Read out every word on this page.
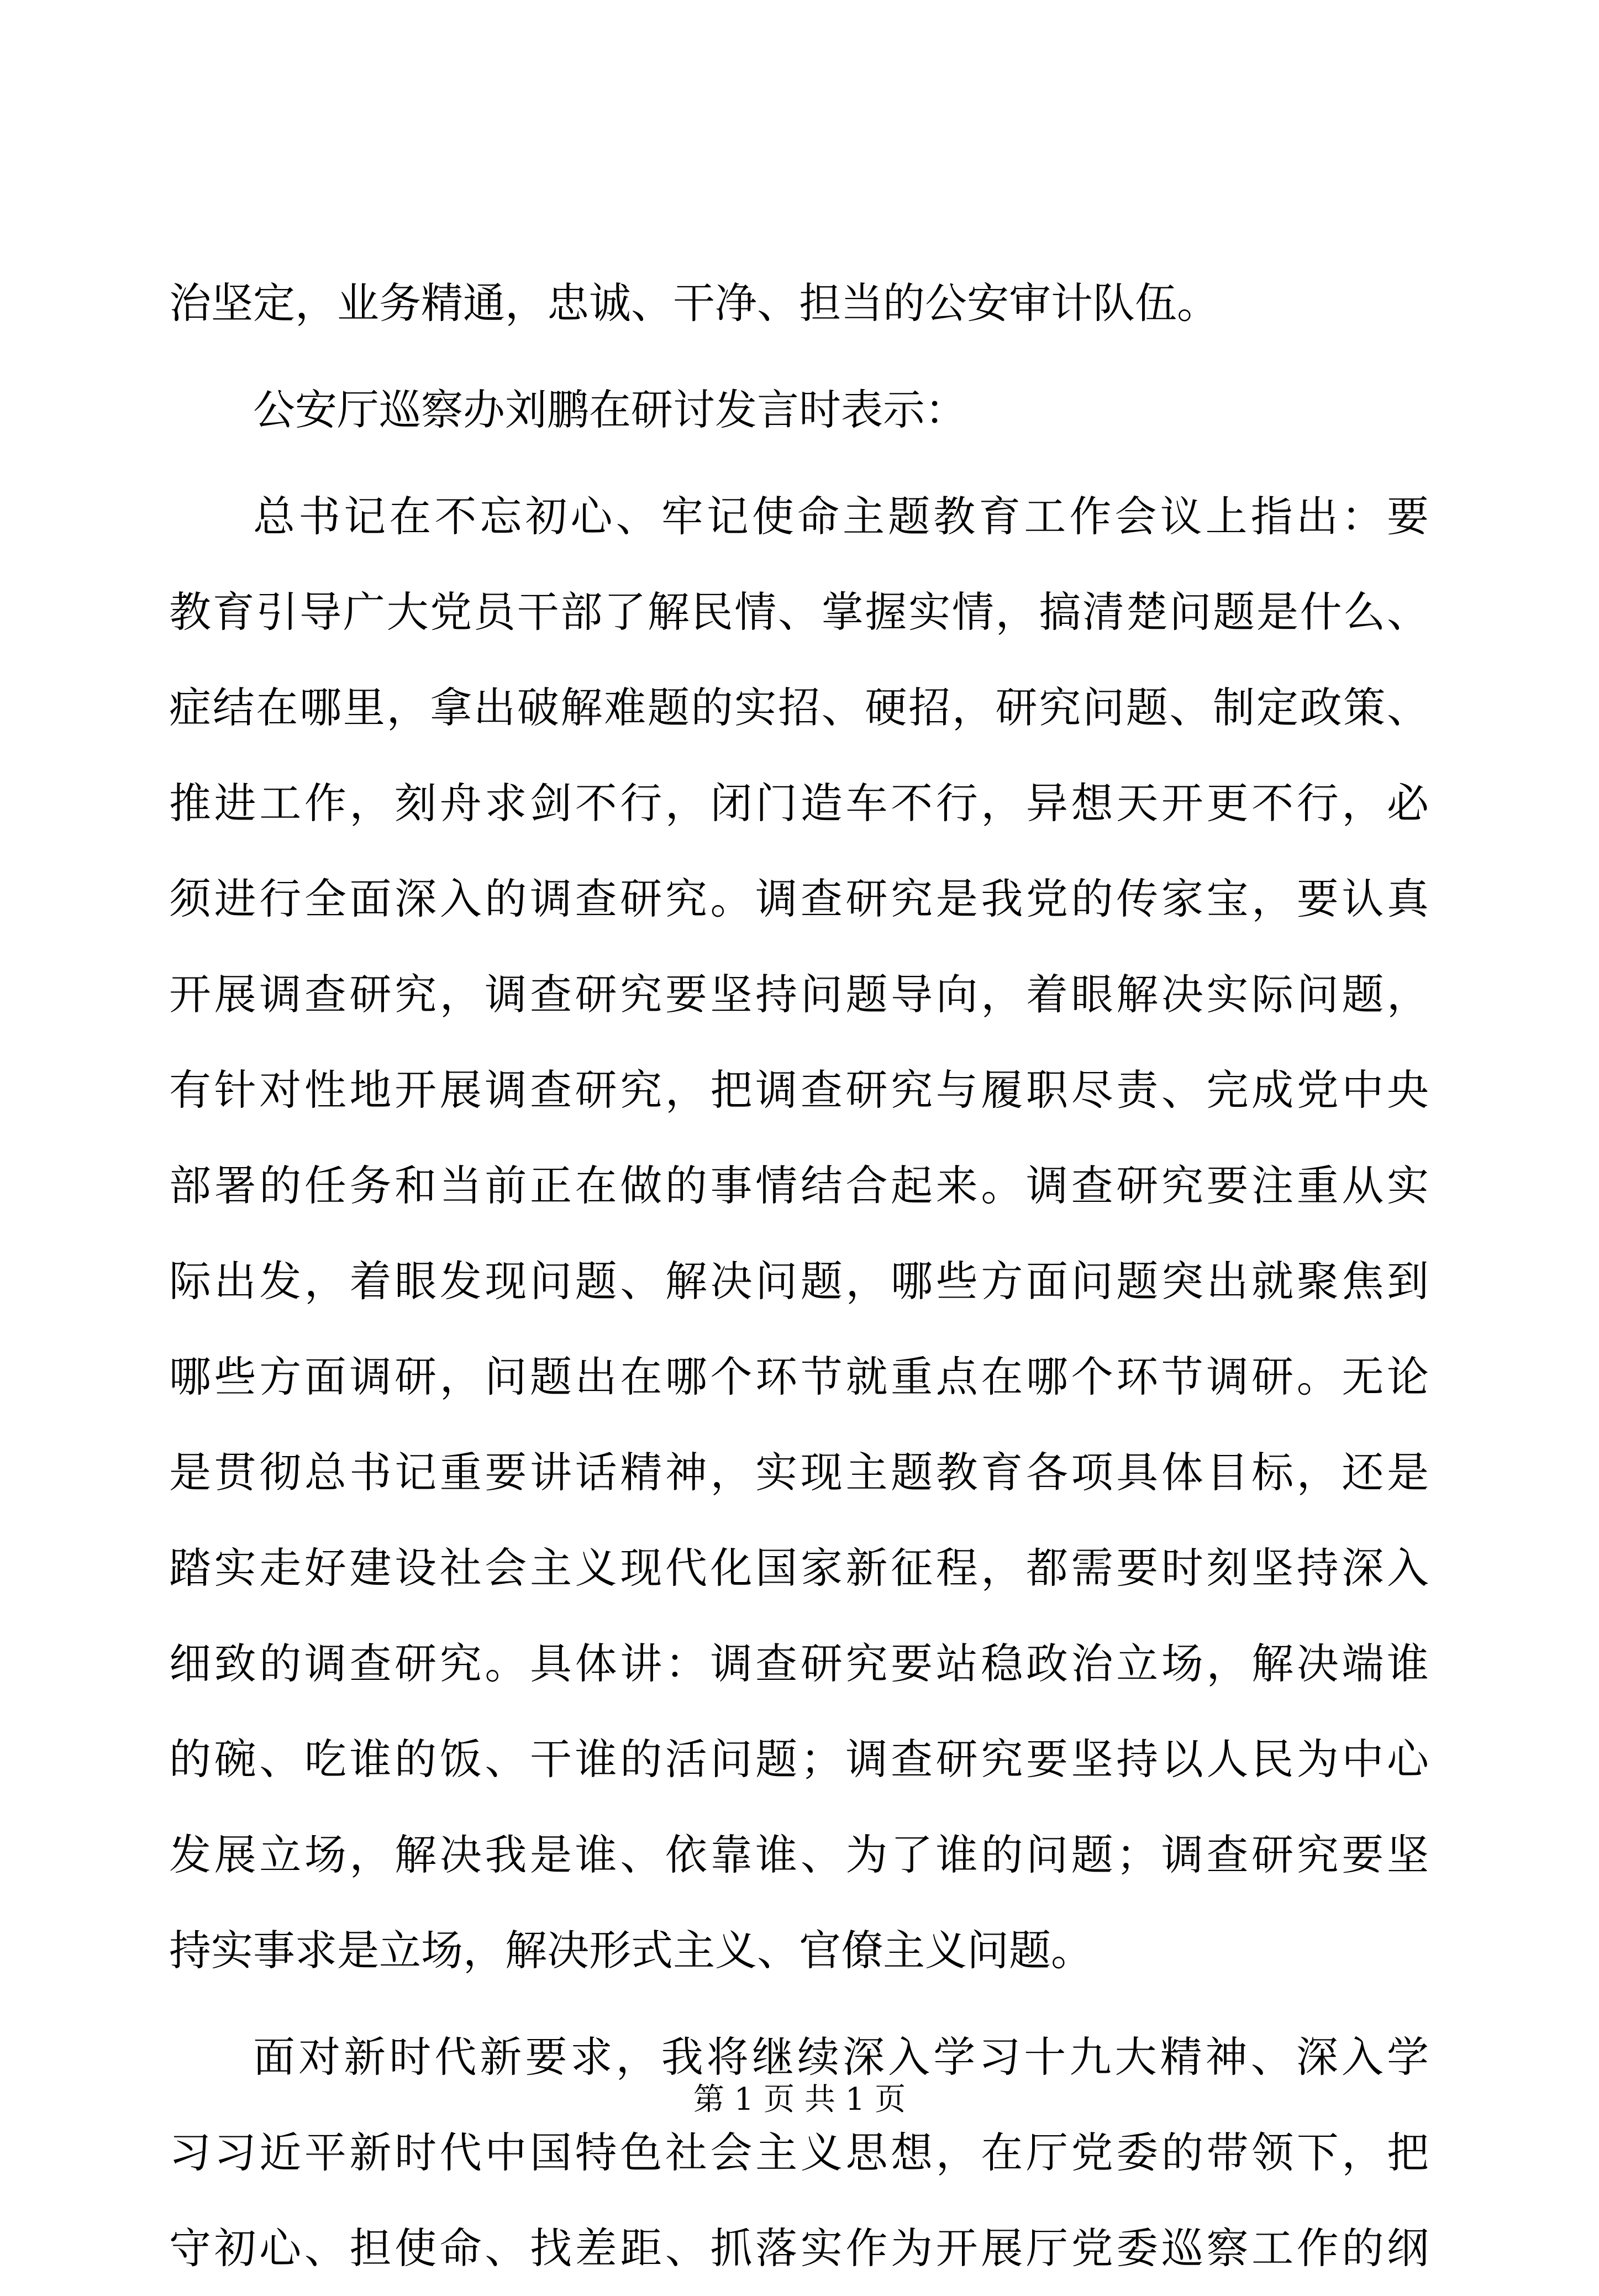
治坚定，业务精通，忠诚、干净、担当的公安审计队伍。
公安厅巡察办刘鹏在研讨发言时表示：
总书记在不忘初心、牢记使命主题教育工作会议上指出：要
教育引导广大党员干部了解民情、掌握实情，搞清楚问题是什么、
症结在哪里，拿出破解难题的实招、硬招，研究问题、制定政策、
推进工作，刻舟求剑不行，闭门造车不行，异想天开更不行，必
须进行全面深入的调查研究。调查研究是我党的传家宝，要认真
开展调查研究，调查研究要坚持问题导向，着眼解决实际问题，
有针对性地开展调查研究，把调查研究与履职尽责、完成党中央
部署的任务和当前正在做的事情结合起来。调查研究要注重从实
际出发，着眼发现问题、解决问题，哪些方面问题突出就聚焦到
哪些方面调研，问题出在哪个环节就重点在哪个环节调研。无论
是贯彻总书记重要讲话精神，实现主题教育各项具体目标，还是
踏实走好建设社会主义现代化国家新征程，都需要时刻坚持深入
细致的调查研究。具体讲：调查研究要站稳政治立场，解决端谁
的碗、吃谁的饭、干谁的活问题；调查研究要坚持以人民为中心
发展立场，解决我是谁、依靠谁、为了谁的问题；调查研究要坚
持实事求是立场，解决形式主义、官僚主义问题。
面对新时代新要求，我将继续深入学习十九大精神、深入学
习习近平新时代中国特色社会主义思想，在厅党委的带领下，把
守初心、担使命、找差距、抓落实作为开展厅党委巡察工作的纲
第 1 页 共 1 页
